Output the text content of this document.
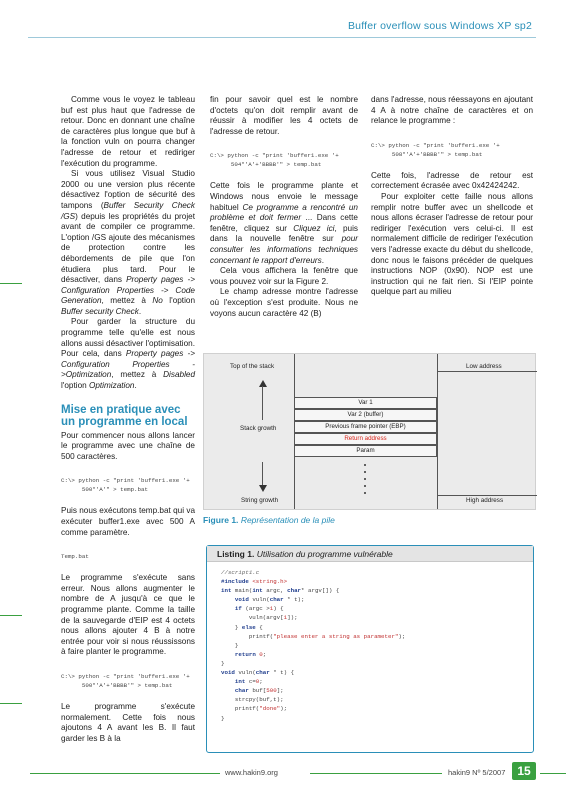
Buffer overflow sous Windows XP sp2

Comme vous le voyez le tableau buf est plus haut que l'adresse de retour. Donc en donnant une chaîne de caractères plus longue que buf à la fonction vuln on pourra changer l'adresse de retour et rediriger l'exécution du programme.

Si vous utilisez Visual Studio 2000 ou une version plus récente désactivez l'option de sécurité des tampons (Buffer Security Check /GS) depuis les propriétés du projet avant de compiler ce programme. L'option /GS ajoute des mécanismes de protection contre les débordements de pile que l'on étudiera plus tard. Pour le désactiver, dans Property pages -> Configuration Properties -> Code Generation, mettez à No l'option Buffer security Check.

Pour garder la structure du programme telle qu'elle est nous allons aussi désactiver l'optimisation. Pour cela, dans Property pages -> Configuration Properties ->Optimization, mettez à Disabled l'option Optimization.

Mise en pratique avec un programme en local

Pour commencer nous allons lancer le programme avec une chaîne de 500 caractères.

C:\> python -c "print 'buffer1.exe '+
500*'A'" > temp.bat

Puis nous exécutons temp.bat qui va exécuter buffer1.exe avec 500 A comme paramètre.

Temp.bat

Le programme s'exécute sans erreur. Nous allons augmenter le nombre de A jusqu'à ce que le programme plante. Comme la taille de la sauvegarde d'EIP est 4 octets nous allons ajouter 4 B à notre entrée pour voir si nous réussissons à faire planter le programme.

C:\> python -c "print 'buffer1.exe '+
500*'A'+'BBBB'" > temp.bat

Le programme s'exécute normalement. Cette fois nous ajoutons 4 A avant les B. Il faut garder les B à la

fin pour savoir quel est le nombre d'octets qu'on doit remplir avant de réussir à modifier les 4 octets de l'adresse de retour.

C:\> python -c "print 'buffer1.exe '+
504*'A'+'BBBB'" > temp.bat

Cette fois le programme plante et Windows nous envoie le message habituel Ce programme a rencontré un problème et doit fermer ... Dans cette fenêtre, cliquez sur Cliquez ici, puis dans la nouvelle fenêtre sur pour consulter les informations techniques concernant le rapport d'erreurs.

Cela vous affichera la fenêtre que vous pouvez voir sur la Figure 2.

Le champ adresse montre l'adresse où l'exception s'est produite. Nous ne voyons aucun caractère 42 (B)

dans l'adresse, nous réessayons en ajoutant 4 A à notre chaîne de caractères et on relance le programme :

C:\> python -c "print 'buffer1.exe '+
508*'A'+'BBBB'" > temp.bat

Cette fois, l'adresse de retour est correctement écrasée avec 0x42424242.

Pour exploiter cette faille nous allons remplir notre buffer avec un shellcode et nous allons écraser l'adresse de retour pour rediriger l'exécution vers celui-ci. Il est normalement difficile de rediriger l'exécution vers l'adresse exacte du début du shellcode, donc nous le faisons précéder de quelques instructions NOP (0x90). NOP est une instruction qui ne fait rien. Si l'EIP pointe quelque part au milieu

Top of the stack
Stack growth
String growth
Low address
High address
Var 1
Var 2 (buffer)
Previous frame pointer (EBP)
Return address
Param
Figure 1. Représentation de la pile
Listing 1. Utilisation du programme vulnérable
//script1.c
#include <string.h>
int main(int argc, char* argv[]) {
void vuln(char * t);
if (argc >1) {
vuln(argv[1]);
} else {
printf("please enter a string as parameter");
}
return 0;
}
void vuln(char * t) {
int c=0;
char buf[500];
strcpy(buf,t);
printf("done");
}
www.hakin9.org	hakin9 Nº 5/2007 15
